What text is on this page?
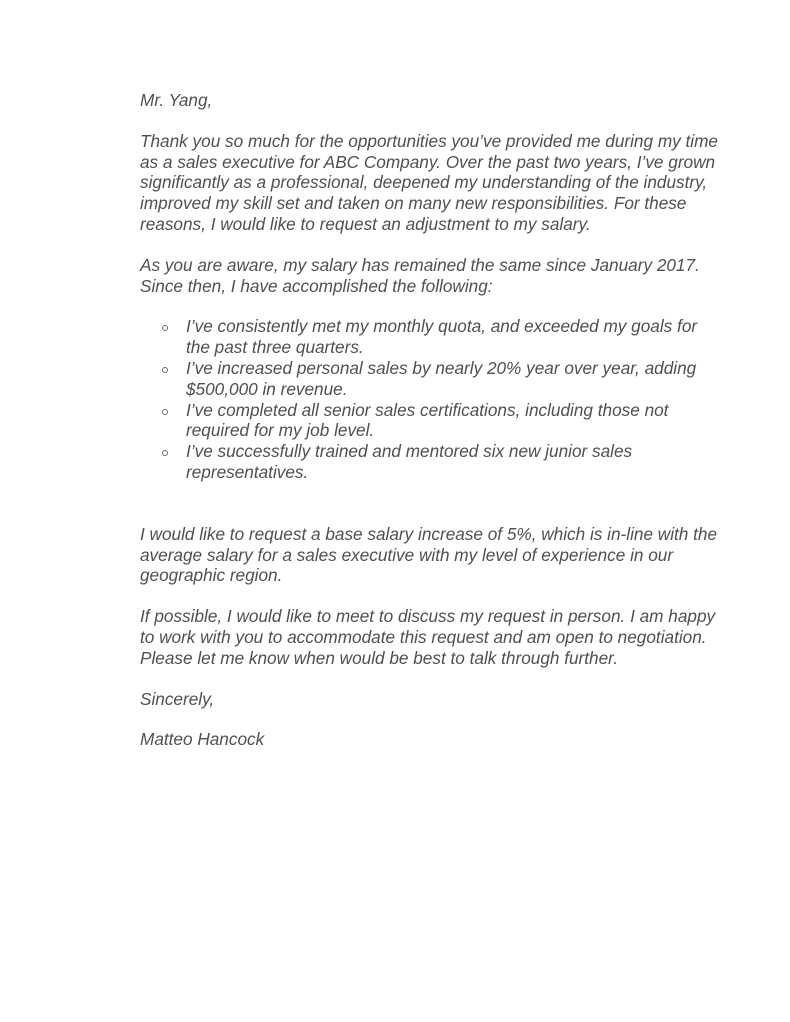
Mr. Yang,

Thank you so much for the opportunities you’ve provided me during my time as a sales executive for ABC Company. Over the past two years, I’ve grown significantly as a professional, deepened my understanding of the industry, improved my skill set and taken on many new responsibilities. For these reasons, I would like to request an adjustment to my salary.

As you are aware, my salary has remained the same since January 2017. Since then, I have accomplished the following:

I’ve consistently met my monthly quota, and exceeded my goals for the past three quarters.
I’ve increased personal sales by nearly 20% year over year, adding $500,000 in revenue.
I’ve completed all senior sales certifications, including those not required for my job level.
I’ve successfully trained and mentored six new junior sales representatives.

I would like to request a base salary increase of 5%, which is in-line with the average salary for a sales executive with my level of experience in our geographic region.

If possible, I would like to meet to discuss my request in person. I am happy to work with you to accommodate this request and am open to negotiation. Please let me know when would be best to talk through further.

Sincerely,

Matteo Hancock
